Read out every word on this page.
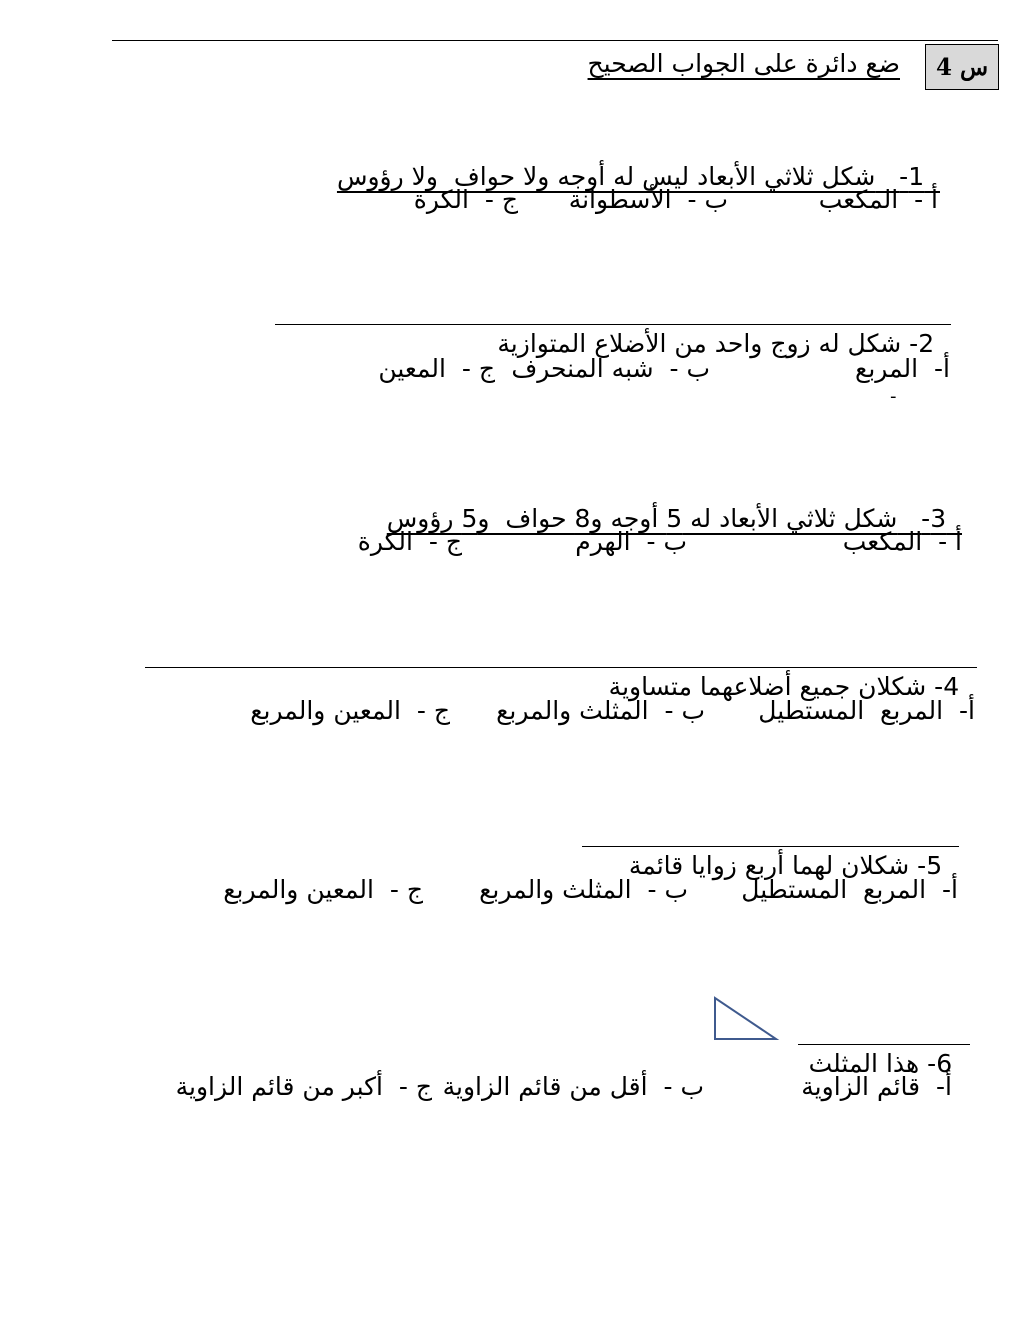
س 4
ضع دائرة على الجواب الصحيح

1-   شكل ثلاثي الأبعاد ليس له أوجه ولا حواف  ولا رؤوس

أ -  المكعب
ب -  الأسطوانة
ج -  الكرة

2- شكل له زوج واحد من الأضلاع المتوازية

أ-  المربع
ب -  شبه المنحرف
ج -  المعين
-

3-   شكل ثلاثي الأبعاد له 5 أوجه و8 حواف  و5 رؤوس

أ -  المكعب
ب -  الهرم
ج -  الكرة

4- شكلان جميع أضلاعهما متساوية

أ-  المربع  المستطيل
ب -  المثلث والمربع
ج -  المعين والمربع

5- شكلان لهما أربع زوايا قائمة

أ-  المربع  المستطيل
ب -  المثلث والمربع
ج -  المعين والمربع

6- هذا المثلث

أ-  قائم الزاوية
ب -  أقل من قائم الزاوية
ج -  أكبر من قائم الزاوية
